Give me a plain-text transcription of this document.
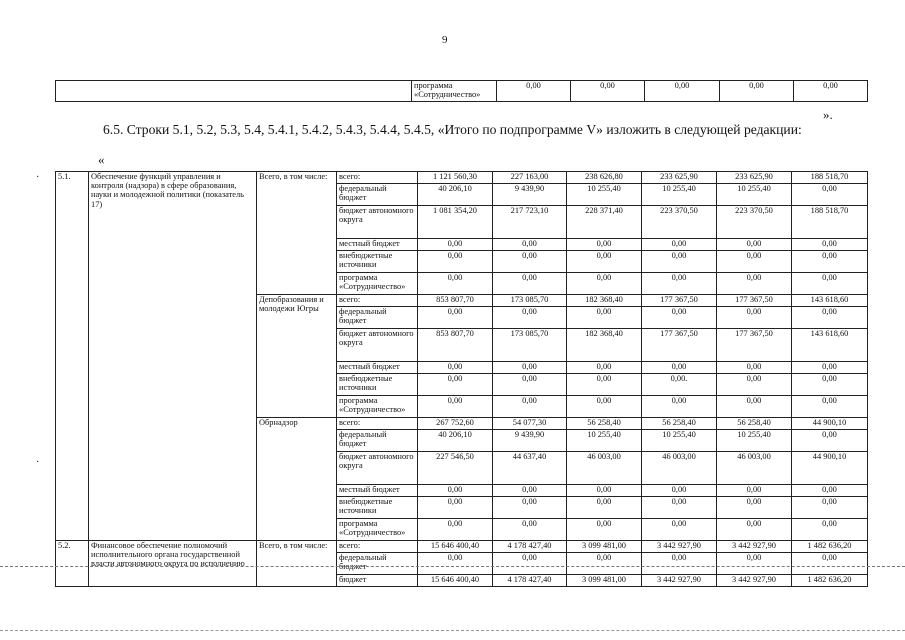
9
	программа «Сотрудничество»	0,00	0,00	0,00	0,00	0,00	
».
6.5. Строки 5.1, 5.2, 5.3, 5.4, 5.4.1, 5.4.2, 5.4.3, 5.4.4, 5.4.5, «Итого по подпрограмме V» изложить в следующей редакции:
«
·
·
5.1.	Обеспечение функций управления и контроля (надзора) в сфере образования, науки и молодежной политики (показатель 17)	Всего, в том числе:	всего:	1 121 560,30	227 163,00	238 626,80	233 625,90	233 625,90	188 518,70
			федеральный бюджет	40 206,10	9 439,90	10 255,40	10 255,40	10 255,40	0,00
			бюджет автономного округа	1 081 354,20	217 723,10	228 371,40	223 370,50	223 370,50	188 518,70
			местный бюджет	0,00	0,00	0,00	0,00	0,00	0,00
			внебюджетные источники	0,00	0,00	0,00	0,00	0,00	0,00
			программа «Сотрудничество»	0,00	0,00	0,00	0,00	0,00	0,00
		Депобразования и молодежи Югры	всего:	853 807,70	173 085,70	182 368,40	177 367,50	177 367,50	143 618,60
			федеральный бюджет	0,00	0,00	0,00	0,00	0,00	0,00
			бюджет автономного округа	853 807,70	173 085,70	182 368,40	177 367,50	177 367,50	143 618,60
			местный бюджет	0,00	0,00	0,00	0,00	0,00	0,00
			внебюджетные источники	0,00	0,00	0,00	0,00.	0,00	0,00
			программа «Сотрудничество»	0,00	0,00	0,00	0,00	0,00	0,00
		Обрнадзор	всего:	267 752,60	54 077,30	56 258,40	56 258,40	56 258,40	44 900,10
			федеральный бюджет	40 206,10	9 439,90	10 255,40	10 255,40	10 255,40	0,00
			бюджет автономного округа	227 546,50	44 637,40	46 003,00	46 003,00	46 003,00	44 900,10
			местный бюджет	0,00	0,00	0,00	0,00	0,00	0,00
			внебюджетные источники	0,00	0,00	0,00	0,00	0,00	0,00
			программа «Сотрудничество»	0,00	0,00	0,00	0,00	0,00	0,00
5.2.	Финансовое обеспечение полномочий исполнительного органа государственной власти автономного округа по исполнению	Всего, в том числе:	всего:	15 646 400,40	4 178 427,40	3 099 481,00	3 442 927,90	3 442 927,90	1 482 636,20
			федеральный бюджет	0,00	0,00	0,00	0,00	0,00	0,00
			бюджет	15 646 400,40	4 178 427,40	3 099 481,00	3 442 927,90	3 442 927,90	1 482 636,20
